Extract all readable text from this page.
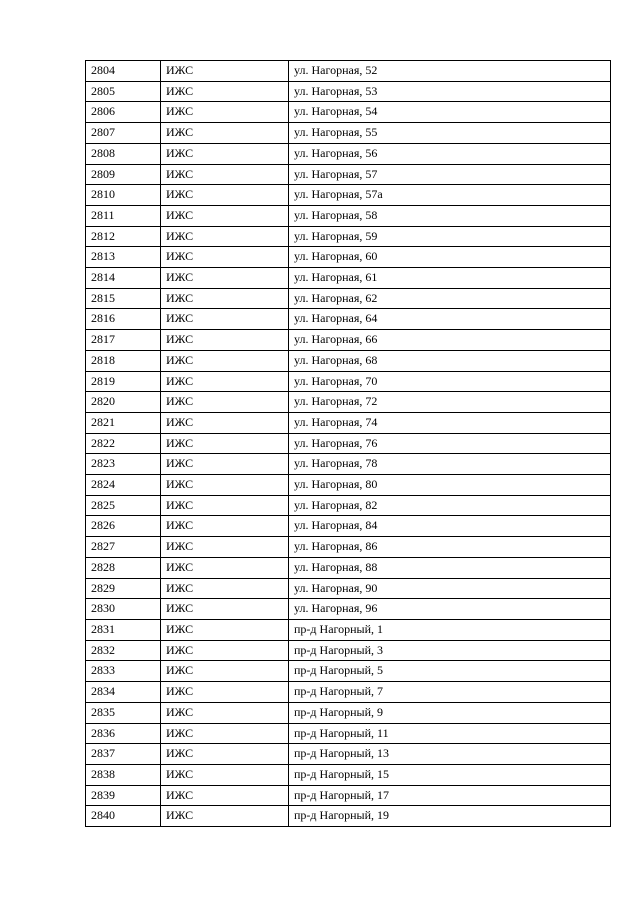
2804	ИЖС	ул. Нагорная, 52
2805	ИЖС	ул. Нагорная, 53
2806	ИЖС	ул. Нагорная, 54
2807	ИЖС	ул. Нагорная, 55
2808	ИЖС	ул. Нагорная, 56
2809	ИЖС	ул. Нагорная, 57
2810	ИЖС	ул. Нагорная, 57а
2811	ИЖС	ул. Нагорная, 58
2812	ИЖС	ул. Нагорная, 59
2813	ИЖС	ул. Нагорная, 60
2814	ИЖС	ул. Нагорная, 61
2815	ИЖС	ул. Нагорная, 62
2816	ИЖС	ул. Нагорная, 64
2817	ИЖС	ул. Нагорная, 66
2818	ИЖС	ул. Нагорная, 68
2819	ИЖС	ул. Нагорная, 70
2820	ИЖС	ул. Нагорная, 72
2821	ИЖС	ул. Нагорная, 74
2822	ИЖС	ул. Нагорная, 76
2823	ИЖС	ул. Нагорная, 78
2824	ИЖС	ул. Нагорная, 80
2825	ИЖС	ул. Нагорная, 82
2826	ИЖС	ул. Нагорная, 84
2827	ИЖС	ул. Нагорная, 86
2828	ИЖС	ул. Нагорная, 88
2829	ИЖС	ул. Нагорная, 90
2830	ИЖС	ул. Нагорная, 96
2831	ИЖС	пр-д Нагорный, 1
2832	ИЖС	пр-д Нагорный, 3
2833	ИЖС	пр-д Нагорный, 5
2834	ИЖС	пр-д Нагорный, 7
2835	ИЖС	пр-д Нагорный, 9
2836	ИЖС	пр-д Нагорный, 11
2837	ИЖС	пр-д Нагорный, 13
2838	ИЖС	пр-д Нагорный, 15
2839	ИЖС	пр-д Нагорный, 17
2840	ИЖС	пр-д Нагорный, 19
